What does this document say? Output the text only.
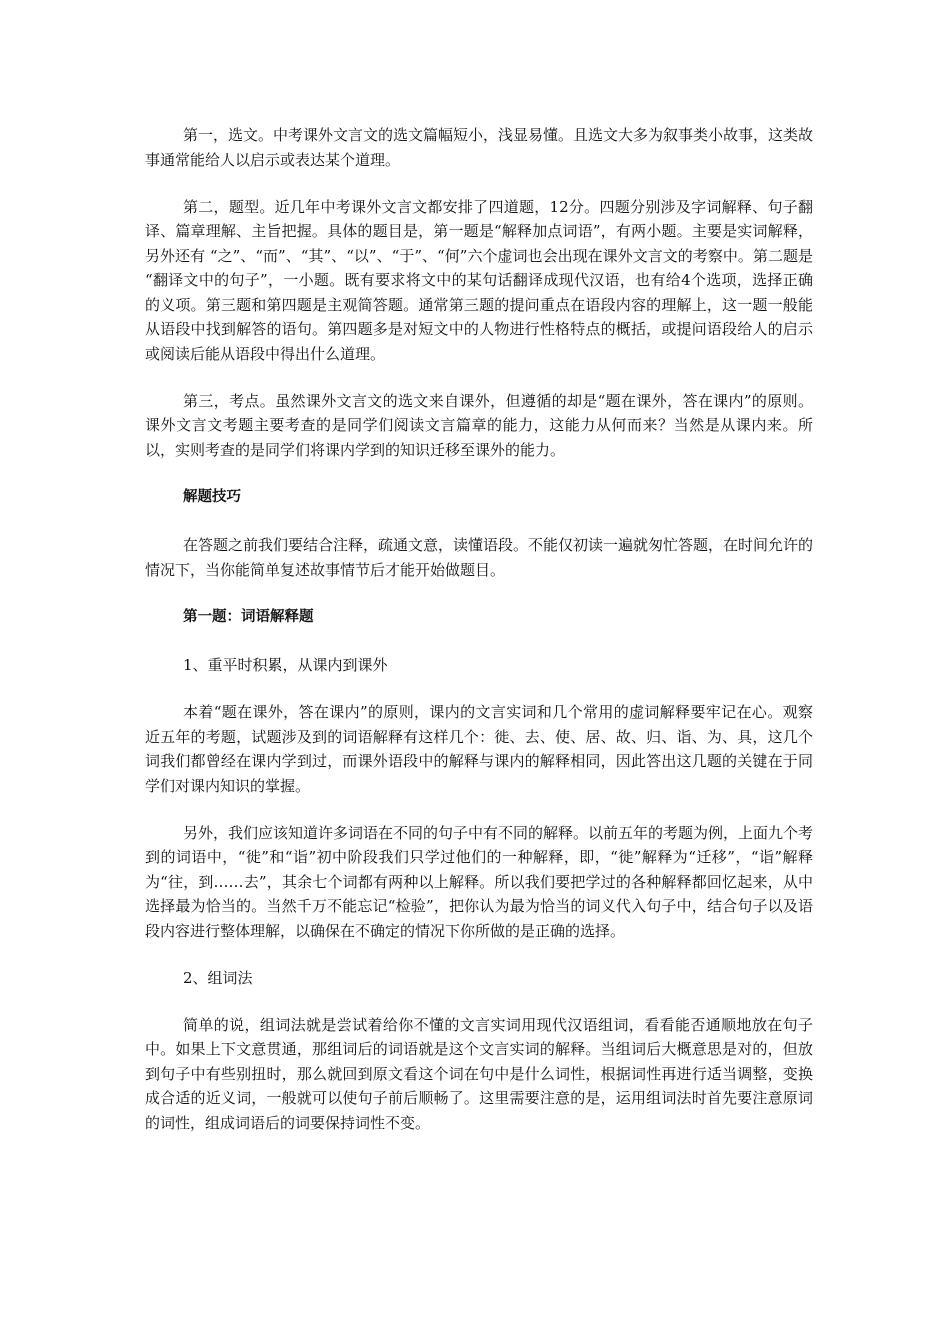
第一，选文。中考课外文言文的选文篇幅短小，浅显易懂。且选文大多为叙事类小故事，这类故事通常能给人以启示或表达某个道理。

第二，题型。近几年中考课外文言文都安排了四道题，12分。四题分别涉及字词解释、句子翻译、篇章理解、主旨把握。具体的题目是，第一题是“解释加点词语”，有两小题。主要是实词解释，另外还有 “之”、“而”、“其”、“以”、“于”、“何”六个虚词也会出现在课外文言文的考察中。第二题是 “翻译文中的句子”，一小题。既有要求将文中的某句话翻译成现代汉语，也有给4个选项，选择正确的义项。第三题和第四题是主观简答题。通常第三题的提问重点在语段内容的理解上，这一题一般能从语段中找到解答的语句。第四题多是对短文中的人物进行性格特点的概括，或提问语段给人的启示或阅读后能从语段中得出什么道理。

第三，考点。虽然课外文言文的选文来自课外，但遵循的却是“题在课外，答在课内”的原则。课外文言文考题主要考查的是同学们阅读文言篇章的能力，这能力从何而来？当然是从课内来。所以，实则考查的是同学们将课内学到的知识迁移至课外的能力。

解题技巧

在答题之前我们要结合注释，疏通文意，读懂语段。不能仅初读一遍就匆忙答题，在时间允许的情况下，当你能简单复述故事情节后才能开始做题目。

第一题：词语解释题

1、重平时积累，从课内到课外

本着“题在课外，答在课内”的原则，课内的文言实词和几个常用的虚词解释要牢记在心。观察近五年的考题，试题涉及到的词语解释有这样几个：徙、去、使、居、故、归、诣、为、具，这几个词我们都曾经在课内学到过，而课外语段中的解释与课内的解释相同，因此答出这几题的关键在于同学们对课内知识的掌握。

另外，我们应该知道许多词语在不同的句子中有不同的解释。以前五年的考题为例，上面九个考到的词语中，“徙”和“诣”初中阶段我们只学过他们的一种解释，即，“徙”解释为“迁移”，“诣”解释为“往，到……去”，其余七个词都有两种以上解释。所以我们要把学过的各种解释都回忆起来，从中选择最为恰当的。当然千万不能忘记“检验”，把你认为最为恰当的词义代入句子中，结合句子以及语段内容进行整体理解，以确保在不确定的情况下你所做的是正确的选择。

2、组词法

简单的说，组词法就是尝试着给你不懂的文言实词用现代汉语组词，看看能否通顺地放在句子中。如果上下文意贯通，那组词后的词语就是这个文言实词的解释。当组词后大概意思是对的，但放到句子中有些别扭时，那么就回到原文看这个词在句中是什么词性，根据词性再进行适当调整，变换成合适的近义词，一般就可以使句子前后顺畅了。这里需要注意的是，运用组词法时首先要注意原词的词性，组成词语后的词要保持词性不变。
